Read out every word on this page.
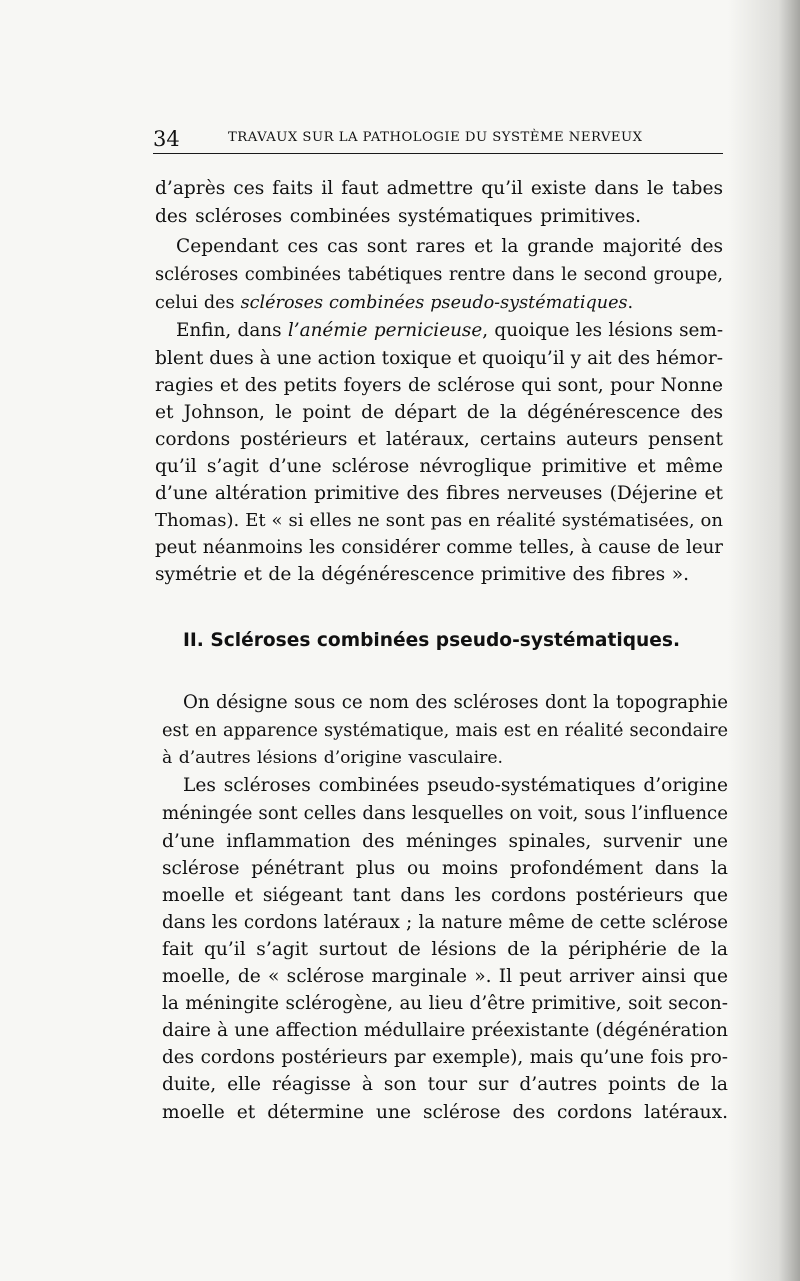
34	TRAVAUX SUR LA PATHOLOGIE DU SYSTÈME NERVEUX
d’après ces faits il faut admettre qu’il existe dans le tabes
des scléroses combinées systématiques primitives.
Cependant ces cas sont rares et la grande majorité des
scléroses combinées tabétiques rentre dans le second groupe,
celui des scléroses combinées pseudo-systématiques.
Enfin, dans l’anémie pernicieuse, quoique les lésions sem-
blent dues à une action toxique et quoiqu’il y ait des hémor-
ragies et des petits foyers de sclérose qui sont, pour Nonne
et Johnson, le point de départ de la dégénérescence des
cordons postérieurs et latéraux, certains auteurs pensent
qu’il s’agit d’une sclérose névroglique primitive et même
d’une altération primitive des fibres nerveuses (Déjerine et
Thomas). Et « si elles ne sont pas en réalité systématisées, on
peut néanmoins les considérer comme telles, à cause de leur
symétrie et de la dégénérescence primitive des fibres ».
II. Scléroses combinées pseudo-systématiques.
On désigne sous ce nom des scléroses dont la topographie
est en apparence systématique, mais est en réalité secondaire
à d’autres lésions d’origine vasculaire.
Les scléroses combinées pseudo-systématiques d’origine
méningée sont celles dans lesquelles on voit, sous l’influence
d’une inflammation des méninges spinales, survenir une
sclérose pénétrant plus ou moins profondément dans la
moelle et siégeant tant dans les cordons postérieurs que
dans les cordons latéraux ; la nature même de cette sclérose
fait qu’il s’agit surtout de lésions de la périphérie de la
moelle, de « sclérose marginale ». Il peut arriver ainsi que
la méningite sclérogène, au lieu d’être primitive, soit secon-
daire à une affection médullaire préexistante (dégénération
des cordons postérieurs par exemple), mais qu’une fois pro-
duite, elle réagisse à son tour sur d’autres points de la
moelle et détermine une sclérose des cordons latéraux.
